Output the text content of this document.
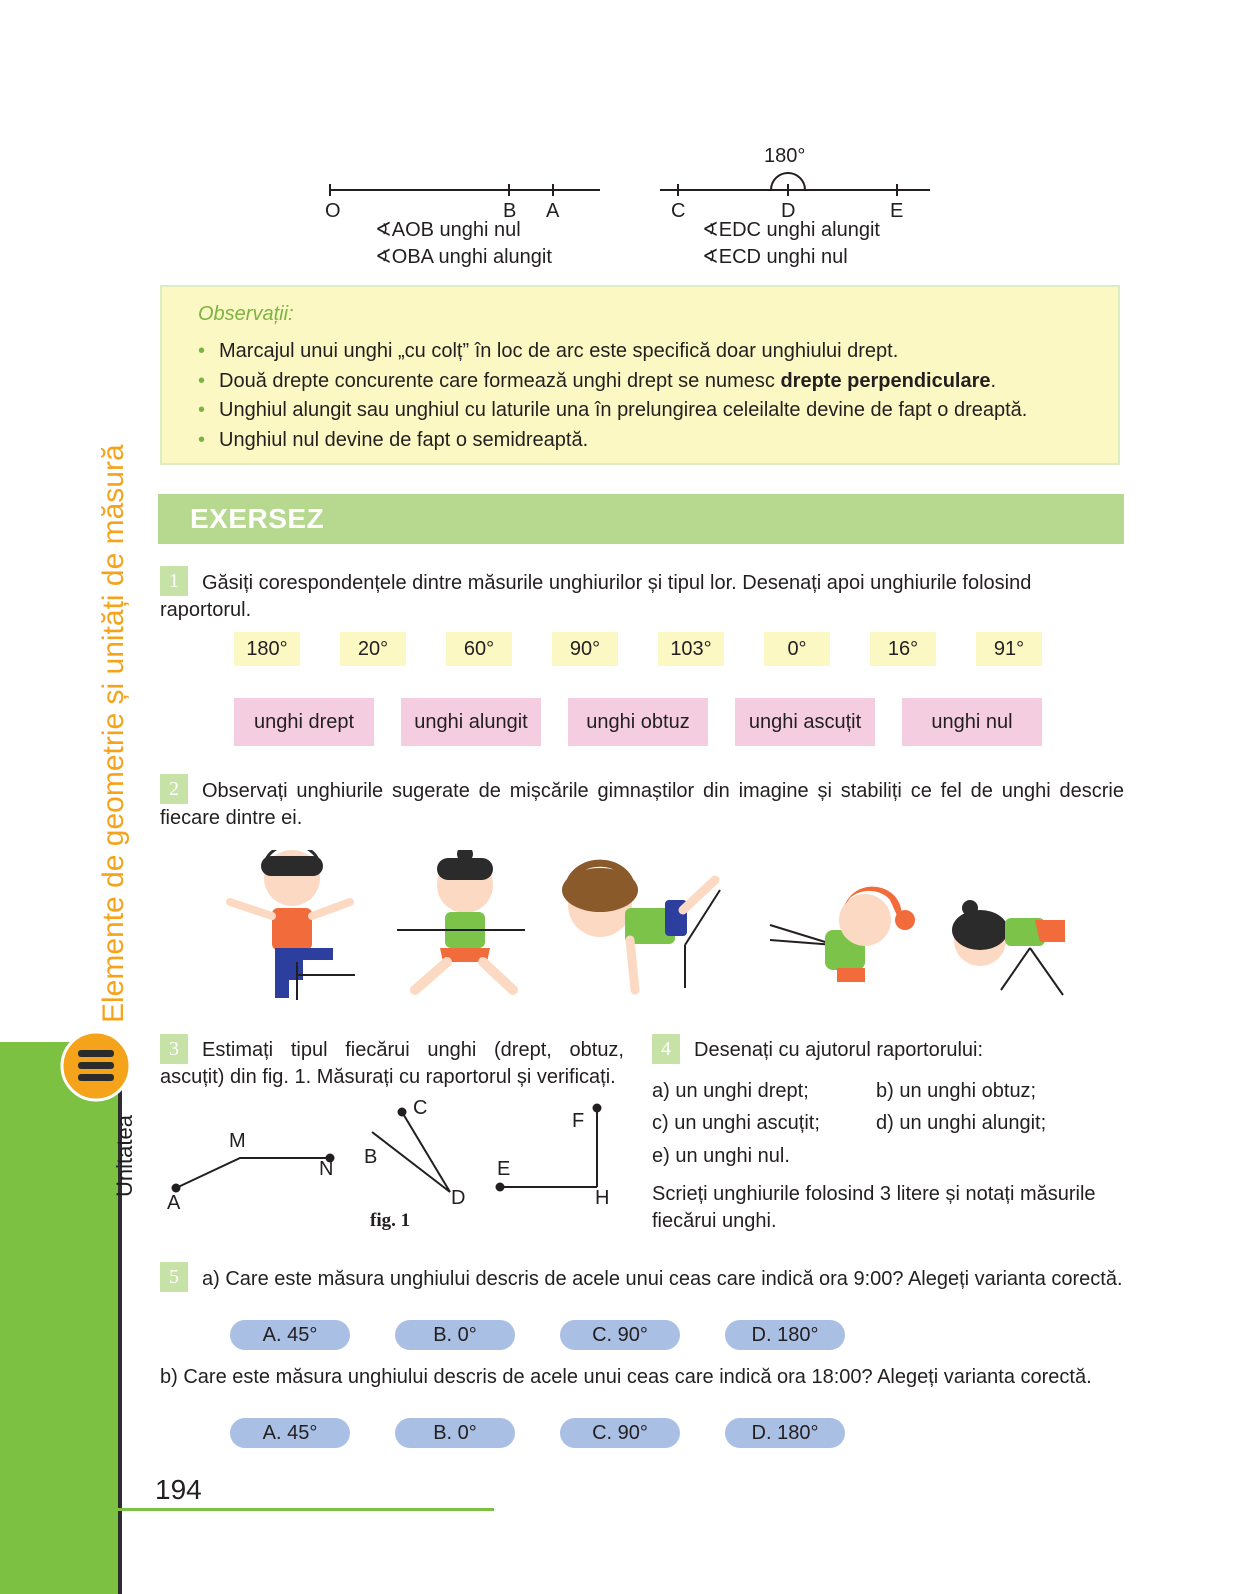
O	B A
∢AOB unghi nul
∢OBA unghi alungit
180°
C	D	E
∢EDC unghi alungit
∢ECD unghi nul
Observații:
• Marcajul unui unghi „cu colț” în loc de arc este specifică doar unghiului drept.
• Două drepte concurente care formează unghi drept se numesc drepte perpendiculare.
• Unghiul alungit sau unghiul cu laturile una în prelungirea celeilalte devine de fapt o dreaptă.
• Unghiul nul devine de fapt o semidreaptă.
EXERSEZ
1	Găsiți corespondențele dintre măsurile unghiurilor și tipul lor. Desenați apoi unghiurile folosind raportorul.
180°	20°	60°	90°	103°	0°	16°	91°
unghi drept	unghi alungit	unghi obtuz	unghi ascuțit	unghi nul
2	Observați unghiurile sugerate de mișcările gimnaștilor din imagine și stabiliți ce fel de unghi descrie fiecare dintre ei.
3	Estimați tipul fiecărui unghi (drept, obtuz, ascuțit) din fig. 1. Măsurați cu raportorul și verificați.
M
A
N
C
B
D
F
E
H
fig. 1
4	Desenați cu ajutorul raportorului:
a) un unghi drept;	b) un unghi obtuz;
c) un unghi ascuțit;	d) un unghi alungit;
e) un unghi nul.
Scrieți unghiurile folosind 3 litere și notați măsurile fiecărui unghi.
5	a) Care este măsura unghiului descris de acele unui ceas care indică ora 9:00? Alegeți varianta corectă.
A. 45°	B. 0°	C. 90°	D. 180°
b) Care este măsura unghiului descris de acele unui ceas care indică ora 18:00? Alegeți varianta corectă.
A. 45°	B. 0°	C. 90°	D. 180°
Elemente de geometrie și unități de măsură
Unitatea
194
